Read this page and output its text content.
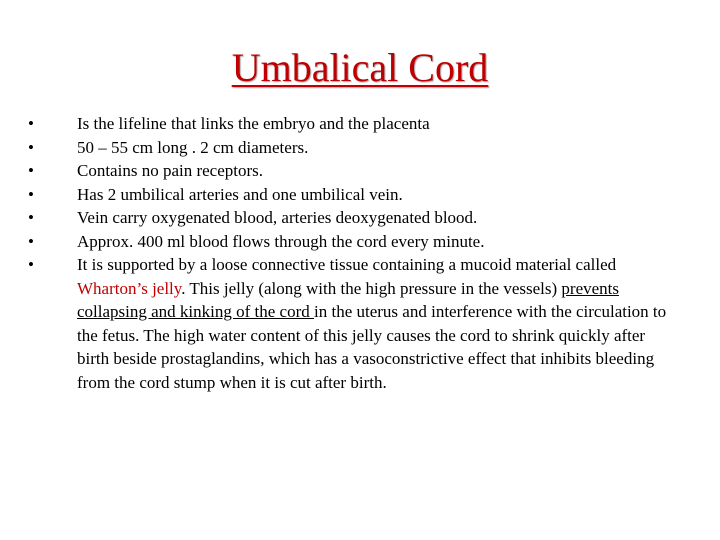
Umbalical Cord
•	Is the lifeline that links the embryo and the placenta
•	50 – 55 cm long . 2 cm diameters.
•	Contains no pain receptors.
•	Has 2 umbilical arteries and one umbilical vein.
•	Vein carry oxygenated blood, arteries deoxygenated blood.
•	Approx. 400 ml blood flows through the cord every minute.
•	It is supported by a loose connective tissue containing a mucoid material called Wharton’s jelly. This jelly (along with the high pressure in the vessels) prevents collapsing and kinking of the cord in the uterus and interference with the circulation to the fetus. The high water content of this jelly causes the cord to shrink quickly after birth beside prostaglandins, which has a vasoconstrictive effect that inhibits bleeding from the cord stump when it is cut after birth.
